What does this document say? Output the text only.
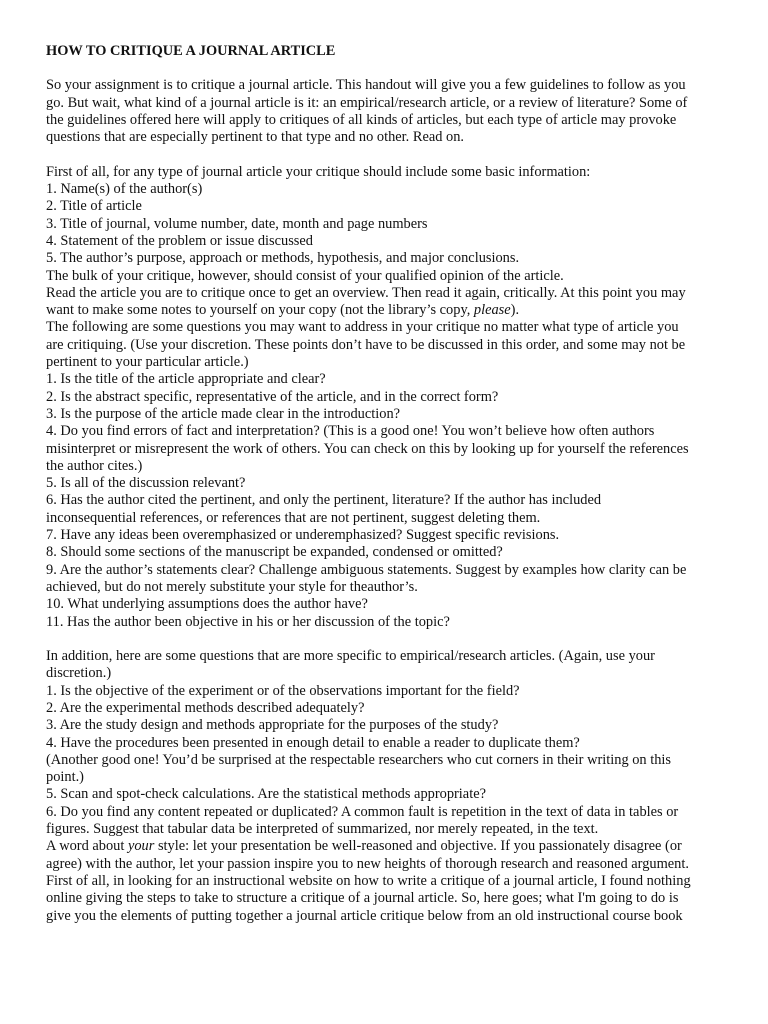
HOW TO CRITIQUE A JOURNAL ARTICLE
So your assignment is to critique a journal article. This handout will give you a few guidelines to follow as you
go. But wait, what kind of a journal article is it: an empirical/research article, or a review of literature? Some of
the guidelines offered here will apply to critiques of all kinds of articles, but each type of article may provoke
questions that are especially pertinent to that type and no other. Read on.
First of all, for any type of journal article your critique should include some basic information:
1. Name(s) of the author(s)
2. Title of article
3. Title of journal, volume number, date, month and page numbers
4. Statement of the problem or issue discussed
5. The author’s purpose, approach or methods, hypothesis, and major conclusions.
The bulk of your critique, however, should consist of your qualified opinion of the article.
Read the article you are to critique once to get an overview. Then read it again, critically. At this point you may
want to make some notes to yourself on your copy (not the library’s copy, please).
The following are some questions you may want to address in your critique no matter what type of article you
are critiquing. (Use your discretion. These points don’t have to be discussed in this order, and some may not be
pertinent to your particular article.)
1. Is the title of the article appropriate and clear?
2. Is the abstract specific, representative of the article, and in the correct form?
3. Is the purpose of the article made clear in the introduction?
4. Do you find errors of fact and interpretation? (This is a good one! You won’t believe how often authors
misinterpret or misrepresent the work of others. You can check on this by looking up for yourself the references
the author cites.)
5. Is all of the discussion relevant?
6. Has the author cited the pertinent, and only the pertinent, literature? If the author has included
inconsequential references, or references that are not pertinent, suggest deleting them.
7. Have any ideas been overemphasized or underemphasized? Suggest specific revisions.
8. Should some sections of the manuscript be expanded, condensed or omitted?
9. Are the author’s statements clear? Challenge ambiguous statements. Suggest by examples how clarity can be
achieved, but do not merely substitute your style for theauthor’s.
10. What underlying assumptions does the author have?
11. Has the author been objective in his or her discussion of the topic?
In addition, here are some questions that are more specific to empirical/research articles. (Again, use your
discretion.)
1. Is the objective of the experiment or of the observations important for the field?
2. Are the experimental methods described adequately?
3. Are the study design and methods appropriate for the purposes of the study?
4. Have the procedures been presented in enough detail to enable a reader to duplicate them?
(Another good one! You’d be surprised at the respectable researchers who cut corners in their writing on this
point.)
5. Scan and spot-check calculations. Are the statistical methods appropriate?
6. Do you find any content repeated or duplicated? A common fault is repetition in the text of data in tables or
figures. Suggest that tabular data be interpreted of summarized, nor merely repeated, in the text.
A word about your style: let your presentation be well-reasoned and objective. If you passionately disagree (or
agree) with the author, let your passion inspire you to new heights of thorough research and reasoned argument.
First of all, in looking for an instructional website on how to write a critique of a journal article, I found nothing
online giving the steps to take to structure a critique of a journal article. So, here goes; what I'm going to do is
give you the elements of putting together a journal article critique below from an old instructional course book
